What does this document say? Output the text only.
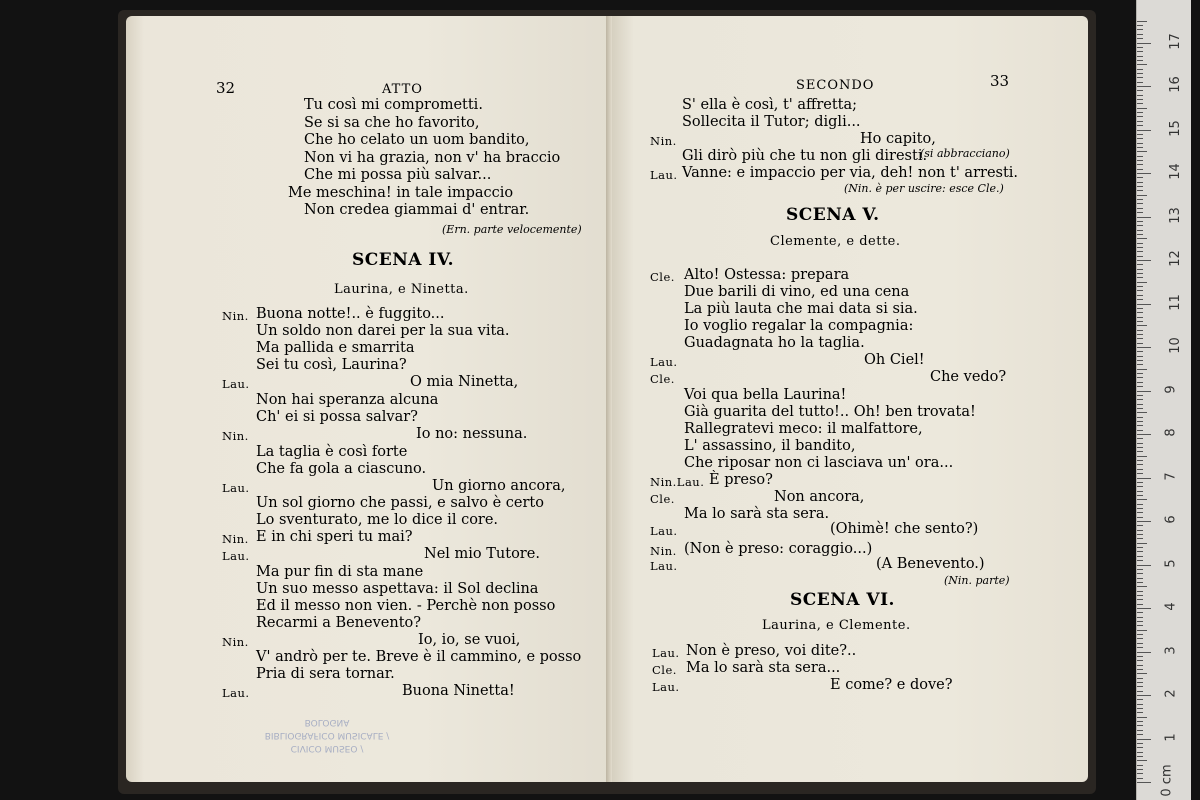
32	ATTO
Tu così mi comprometti.
Se si sa che ho favorito,
Che ho celato un uom bandito,
Non vi ha grazia, non v' ha braccio
Che mi possa più salvar...
Me meschina! in tale impaccio
Non credea giammai d' entrar.
(Ern. parte velocemente)
SCENA IV.
Laurina, e Ninetta.
Nin. Buona notte!.. è fuggito...
Un soldo non darei per la sua vita.
Ma pallida e smarrita
Sei tu così, Laurina?
Lau.	O mia Ninetta,
Non hai speranza alcuna
Ch' ei si possa salvar?
Nin.	Io no: nessuna.
La taglia è così forte
Che fa gola a ciascuno.
Lau.	Un giorno ancora,
Un sol giorno che passi, e salvo è certo
Lo sventurato, me lo dice il core.
Nin. E in chi speri tu mai?
Lau.	Nel mio Tutore.
Ma pur fin di sta mane
Un suo messo aspettava: il Sol declina
Ed il messo non vien. - Perchè non posso
Recarmi a Benevento?
Nin.	Io, io, se vuoi,
V' andrò per te. Breve è il cammino, e posso
Pria di sera tornar.
Lau.	Buona Ninetta!
CIVICO MUSEO / BIBLIOGRAFICO MUSICALE / BOLOGNA
SECONDO	33
S' ella è così, t' affretta;
Sollecita il Tutor; digli...
Nin.	Ho capito,
Gli dirò più che tu non gli diresti.
Lau. Vanne: e impaccio per via, deh! non t' arresti.
(si abbracciano)
(Nin. è per uscire: esce Cle.)
SCENA V.
Clemente, e dette.
Cle. Alto! Ostessa: prepara
Due barili di vino, ed una cena
La più lauta che mai data si sia.
Io voglio regalar la compagnia:
Guadagnata ho la taglia.
Lau.	Oh Ciel!
Cle.	Che vedo?
Voi qua bella Laurina!
Già guarita del tutto!.. Oh! ben trovata!
Rallegratevi meco: il malfattore,
L' assassino, il bandito,
Che riposar non ci lasciava un' ora...
Nin.Lau. È preso?
Cle.	Non ancora,
Ma lo sarà sta sera.
Lau.	(Ohimè! che sento?)
Nin. (Non è preso: coraggio...)
Lau.	(A Benevento.)
(Nin. parte)
SCENA VI.
Laurina, e Clemente.
Lau. Non è preso, voi dite?..
Cle. Ma lo sarà sta sera...
Lau.	E come? e dove?
17
16
15
14
13
12
11
10
9
8
7
6
5
4
3
2
1
0 cm
